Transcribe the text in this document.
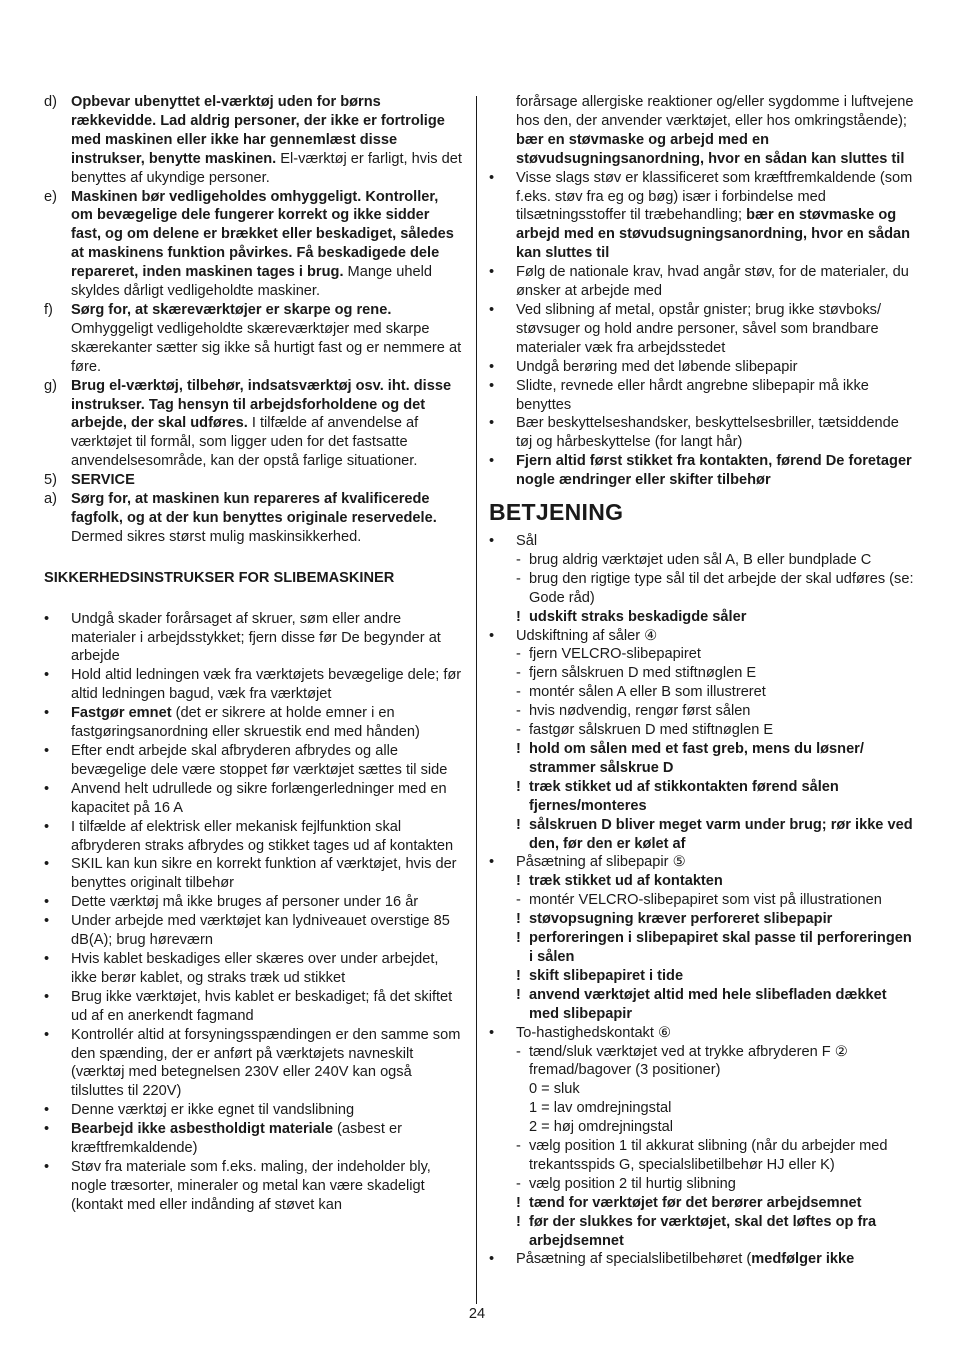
d) Opbevar ubenyttet el-værktøj uden for børns rækkevidde. Lad aldrig personer, der ikke er fortrolige med maskinen eller ikke har gennemlæst disse instrukser, benytte maskinen. El-værktøj er farligt, hvis det benyttes af ukyndige personer.
e) Maskinen bør vedligeholdes omhyggeligt. Kontroller, om bevægelige dele fungerer korrekt og ikke sidder fast, og om delene er brækket eller beskadiget, således at maskinens funktion påvirkes. Få beskadigede dele repareret, inden maskinen tages i brug. Mange uheld skyldes dårligt vedligeholdte maskiner.
f) Sørg for, at skæreværktøjer er skarpe og rene. Omhyggeligt vedligeholdte skæreværktøjer med skarpe skærekanter sætter sig ikke så hurtigt fast og er nemmere at føre.
g) Brug el-værktøj, tilbehør, indsatsværktøj osv. iht. disse instrukser. Tag hensyn til arbejdsforholdene og det arbejde, der skal udføres. I tilfælde af anvendelse af værktøjet til formål, som ligger uden for det fastsatte anvendelsesområde, kan der opstå farlige situationer.
5) SERVICE
a) Sørg for, at maskinen kun repareres af kvalificerede fagfolk, og at der kun benyttes originale reservedele. Dermed sikres størst mulig maskinsikkerhed.

SIKKERHEDSINSTRUKSER FOR SLIBEMASKINER

• Undgå skader forårsaget af skruer, søm eller andre materialer i arbejdsstykket; fjern disse før De begynder at arbejde
• Hold altid ledningen væk fra værktøjets bevægelige dele; før altid ledningen bagud, væk fra værktøjet
• Fastgør emnet (det er sikrere at holde emner i en fastgøringsanordning eller skruestik end med hånden)
• Efter endt arbejde skal afbryderen afbrydes og alle bevægelige dele være stoppet før værktøjet sættes til side
• Anvend helt udrullede og sikre forlængerledninger med en kapacitet på 16 A
• I tilfælde af elektrisk eller mekanisk fejlfunktion skal afbryderen straks afbrydes og stikket tages ud af kontakten
• SKIL kan kun sikre en korrekt funktion af værktøjet, hvis der benyttes originalt tilbehør
• Dette værktøj må ikke bruges af personer under 16 år
• Under arbejde med værktøjet kan lydniveauet overstige 85 dB(A); brug høreværn
• Hvis kablet beskadiges eller skæres over under arbejdet, ikke berør kablet, og straks træk ud stikket
• Brug ikke værktøjet, hvis kablet er beskadiget; få det skiftet ud af en anerkendt fagmand
• Kontrollér altid at forsyningsspændingen er den samme som den spænding, der er anført på værktøjets navneskilt (værktøj med betegnelsen 230V eller 240V kan også tilsluttes til 220V)
• Denne værktøj er ikke egnet til vandslibning
• Bearbejd ikke asbestholdigt materiale (asbest er kræftfremkaldende)
• Støv fra materiale som f.eks. maling, der indeholder bly, nogle træsorter, mineraler og metal kan være skadeligt (kontakt med eller indånding af støvet kan

forårsage allergiske reaktioner og/eller sygdomme i luftvejene hos den, der anvender værktøjet, eller hos omkringstående); bær en støvmaske og arbejd med en støvudsugningsanordning, hvor en sådan kan sluttes til

• Visse slags støv er klassificeret som kræftfremkaldende (som f.eks. støv fra eg og bøg) især i forbindelse med tilsætningsstoffer til træbehandling; bær en støvmaske og arbejd med en støvudsugningsanordning, hvor en sådan kan sluttes til
• Følg de nationale krav, hvad angår støv, for de materialer, du ønsker at arbejde med
• Ved slibning af metal, opstår gnister; brug ikke støvboks/ støvsuger og hold andre personer, såvel som brandbare materialer væk fra arbejdsstedet
• Undgå berøring med det løbende slibepapir
• Slidte, revnede eller hårdt angrebne slibepapir må ikke benyttes
• Bær beskyttelseshandsker, beskyttelsesbriller, tætsiddende tøj og hårbeskyttelse (for langt hår)
• Fjern altid først stikket fra kontakten, førend De foretager nogle ændringer eller skifter tilbehør
BETJENING
• Sål
- brug aldrig værktøjet uden sål A, B eller bundplade C
- brug den rigtige type sål til det arbejde der skal udføres (se: Gode råd)
! udskift straks beskadigde såler
• Udskiftning af såler ④
- fjern VELCRO-slibepapiret
- fjern sålskruen D med stiftnøglen E
- montér sålen A eller B som illustreret
- hvis nødvendig, rengør først sålen
- fastgør sålskruen D med stiftnøglen E
! hold om sålen med et fast greb, mens du løsner/ strammer sålskrue D
! træk stikket ud af stikkontakten førend sålen fjernes/monteres
! sålskruen D bliver meget varm under brug; rør ikke ved den, før den er kølet af
• Påsætning af slibepapir ⑤
! træk stikket ud af kontakten
- montér VELCRO-slibepapiret som vist på illustrationen
! støvopsugning kræver perforeret slibepapir
! perforeringen i slibepapiret skal passe til perforeringen i sålen
! skift slibepapiret i tide
! anvend værktøjet altid med hele slibefladen dækket med slibepapir
• To-hastighedskontakt ⑥
- tænd/sluk værktøjet ved at trykke afbryderen F ② fremad/bagover (3 positioner)
0 = sluk
1 = lav omdrejningstal
2 = høj omdrejningstal
- vælg position 1 til akkurat slibning (når du arbejder med trekantsspids G, specialslibetilbehør HJ eller K)
- vælg position 2 til hurtig slibning
! tænd for værktøjet før det berører arbejdsemnet
! før der slukkes for værktøjet, skal det løftes op fra arbejdsemnet
• Påsætning af specialslibetilbehøret (medfølger ikke
24
